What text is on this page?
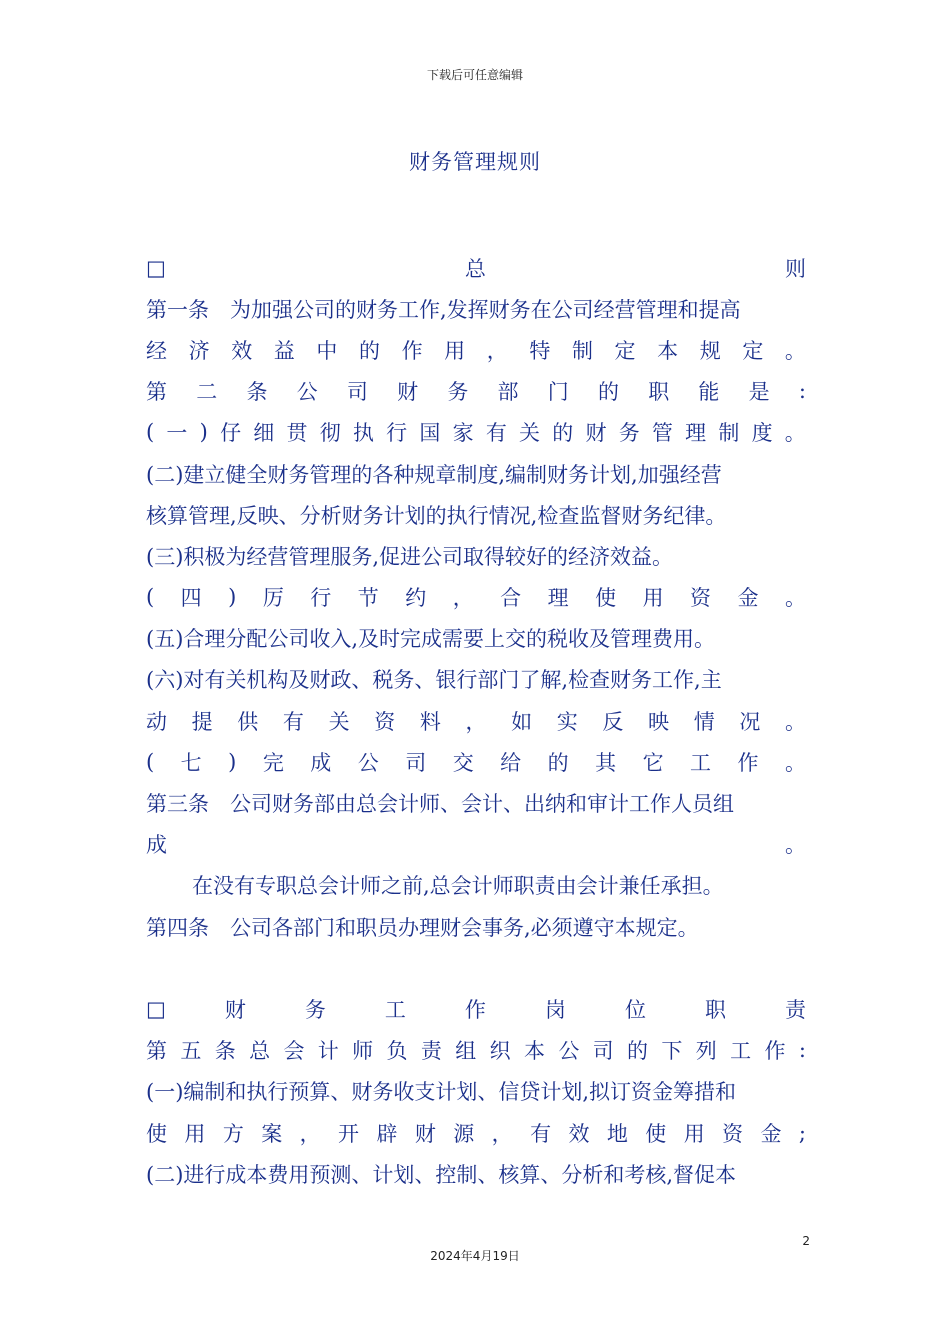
下载后可任意编辑
财务管理规则
□	总	则
第一条　为加强公司的财务工作,发挥财务在公司经营管理和提高
经 济 效 益 中 的 作 用 ， 特 制 定 本 规 定 。
第 二 条 公 司 财 务 部 门 的 职 能 是 :
( 一 ) 仔 细 贯 彻 执 行 国 家 有 关 的 财 务 管 理 制 度 。
(二)建立健全财务管理的各种规章制度,编制财务计划,加强经营
核算管理,反映、分析财务计划的执行情况,检查监督财务纪律。
(三)积极为经营管理服务,促进公司取得较好的经济效益。
( 四 ) 厉 行 节 约 ， 合 理 使 用 资 金 。
(五)合理分配公司收入,及时完成需要上交的税收及管理费用。
(六)对有关机构及财政、税务、银行部门了解,检查财务工作,主
动 提 供 有 关 资 料 ， 如 实 反 映 情 况 。
( 七 ) 完 成 公 司 交 给 的 其 它 工 作 。
第三条　公司财务部由总会计师、会计、出纳和审计工作人员组
成	。
在没有专职总会计师之前,总会计师职责由会计兼任承担。
第四条　公司各部门和职员办理财会事务,必须遵守本规定。
□	财	务	工	作	岗	位	职	责
第 五 条 总 会 计 师 负 责 组 织 本 公 司 的 下 列 工 作 :
(一)编制和执行预算、财务收支计划、信贷计划,拟订资金筹措和
使 用 方 案 ， 开 辟 财 源 ， 有 效 地 使 用 资 金 ;
(二)进行成本费用预测、计划、控制、核算、分析和考核,督促本
2
2024年4月19日
